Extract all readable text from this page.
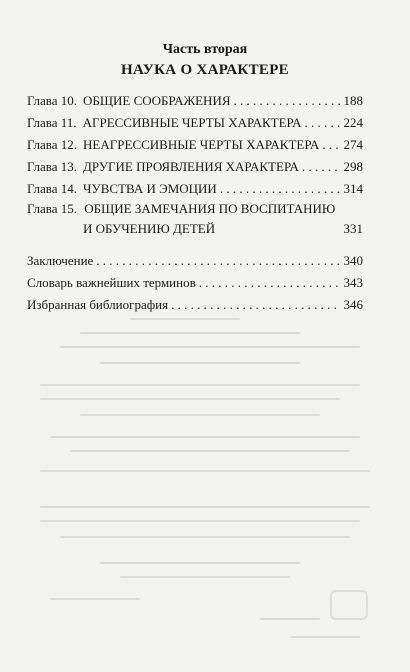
Часть вторая
НАУКА О ХАРАКТЕРЕ
Глава 10. ОБЩИЕ СООБРАЖЕНИЯ . . .	188
Глава 11. АГРЕССИВНЫЕ ЧЕРТЫ ХАРАКТЕРА . . .	224
Глава 12. НЕАГРЕССИВНЫЕ ЧЕРТЫ ХАРАКТЕРА . . . 274
Глава 13. ДРУГИЕ ПРОЯВЛЕНИЯ ХАРАКТЕРА . . .	298
Глава 14. ЧУВСТВА И ЭМОЦИИ . . .	314
Глава 15. ОБЩИЕ ЗАМЕЧАНИЯ ПО ВОСПИТАНИЮ
И ОБУЧЕНИЮ ДЕТЕЙ	331
Заключение . . .	340
Словарь важнейших терминов . . .	343
Избранная библиография . . .	346
